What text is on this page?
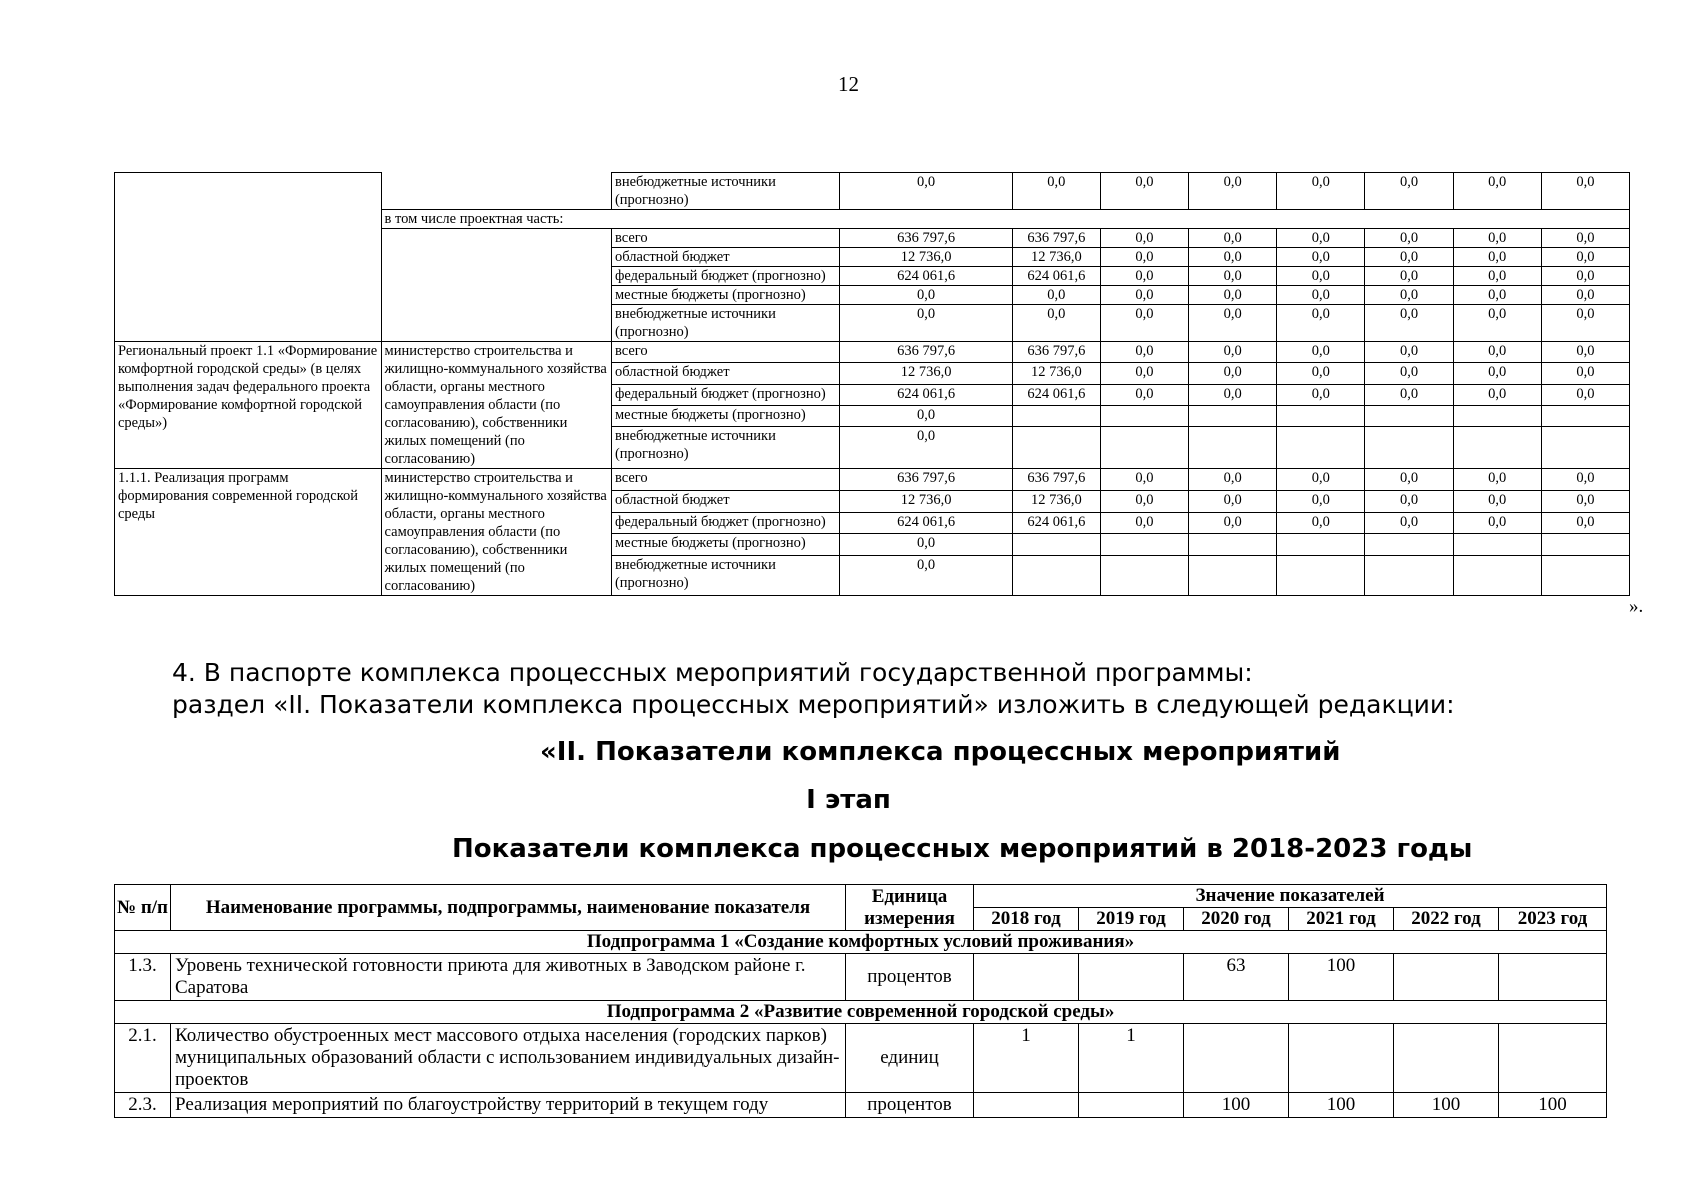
12
		внебюджетные источники (прогнозно)	0,0	0,0	0,0	0,0	0,0	0,0	0,0	0,0
	в том числе проектная часть:									
		всего	636 797,6	636 797,6	0,0	0,0	0,0	0,0	0,0	0,0
		областной бюджет	12 736,0	12 736,0	0,0	0,0	0,0	0,0	0,0	0,0
		федеральный бюджет (прогнозно)	624 061,6	624 061,6	0,0	0,0	0,0	0,0	0,0	0,0
		местные бюджеты (прогнозно)	0,0	0,0	0,0	0,0	0,0	0,0	0,0	0,0
		внебюджетные источники (прогнозно)	0,0	0,0	0,0	0,0	0,0	0,0	0,0	0,0
Региональный проект 1.1 «Формирование комфортной городской среды» (в целях выполнения задач федерального проекта «Формирование комфортной городской среды»)	министерство строительства и жилищно-коммунального хозяйства области, органы местного самоуправления области (по согласованию), собственники жилых помещений (по согласованию)	всего	636 797,6	636 797,6	0,0	0,0	0,0	0,0	0,0	0,0
		областной бюджет	12 736,0	12 736,0	0,0	0,0	0,0	0,0	0,0	0,0
		федеральный бюджет (прогнозно)	624 061,6	624 061,6	0,0	0,0	0,0	0,0	0,0	0,0
		местные бюджеты (прогнозно)	0,0							
		внебюджетные источники (прогнозно)	0,0							
1.1.1. Реализация программ формирования современной городской среды	министерство строительства и жилищно-коммунального хозяйства области, органы местного самоуправления области (по согласованию), собственники жилых помещений (по согласованию)	всего	636 797,6	636 797,6	0,0	0,0	0,0	0,0	0,0	0,0
		областной бюджет	12 736,0	12 736,0	0,0	0,0	0,0	0,0	0,0	0,0
		федеральный бюджет (прогнозно)	624 061,6	624 061,6	0,0	0,0	0,0	0,0	0,0	0,0
		местные бюджеты (прогнозно)	0,0							
		внебюджетные источники (прогнозно)	0,0							
».
4. В паспорте комплекса процессных мероприятий государственной программы:
раздел «II. Показатели комплекса процессных мероприятий» изложить в следующей редакции:
«II. Показатели комплекса процессных мероприятий
I этап
Показатели комплекса процессных мероприятий в 2018-2023 годы
№ п/п	Наименование программы, подпрограммы, наименование показателя	Единица измерения	Значение показателей					
			2018 год	2019 год	2020 год	2021 год	2022 год	2023 год
Подпрограмма 1 «Создание комфортных условий проживания»								
1.3.	Уровень технической готовности приюта для животных в Заводском районе г. Саратова	процентов			63	100		
Подпрограмма 2 «Развитие современной городской среды»								
2.1.	Количество обустроенных мест массового отдыха населения (городских парков) муниципальных образований области с использованием индивидуальных дизайн-проектов	единиц	1	1				
2.3.	Реализация мероприятий по благоустройству территорий в текущем году	процентов			100	100	100	100
